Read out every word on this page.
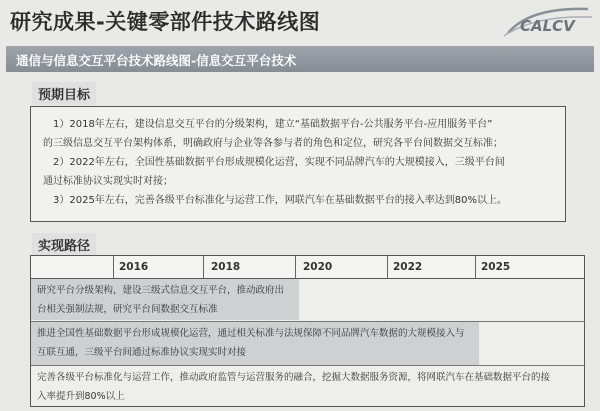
研究成果-关键零部件技术路线图	CALCV
通信与信息交互平台技术路线图-信息交互平台技术
预期目标

1）2018年左右，建设信息交互平台的分级架构，建立“基础数据平台-公共服务平台-应用服务平台”

的三级信息交互平台架构体系，明确政府与企业等各参与者的角色和定位，研究各平台间数据交互标准；

2）2022年左右，全国性基础数据平台形成规模化运营，实现不同品牌汽车的大规模接入，三级平台间

通过标准协议实现实时对接；

3）2025年左右，完善各级平台标准化与运营工作，网联汽车在基础数据平台的接入率达到80%以上。

实现路径
2016	2018	2020	2022	2025
研究平台分级架构，建设三级式信息交互平台，推动政府出
台相关强制法规，研究平台间数据交互标准
推进全国性基础数据平台形成规模化运营，通过相关标准与法规保障不同品牌汽车数据的大规模接入与
互联互通，三级平台间通过标准协议实现实时对接
完善各级平台标准化与运营工作，推动政府监管与运营服务的融合，挖掘大数据服务资源，将网联汽车在基础数据平台的接
入率提升到80%以上
